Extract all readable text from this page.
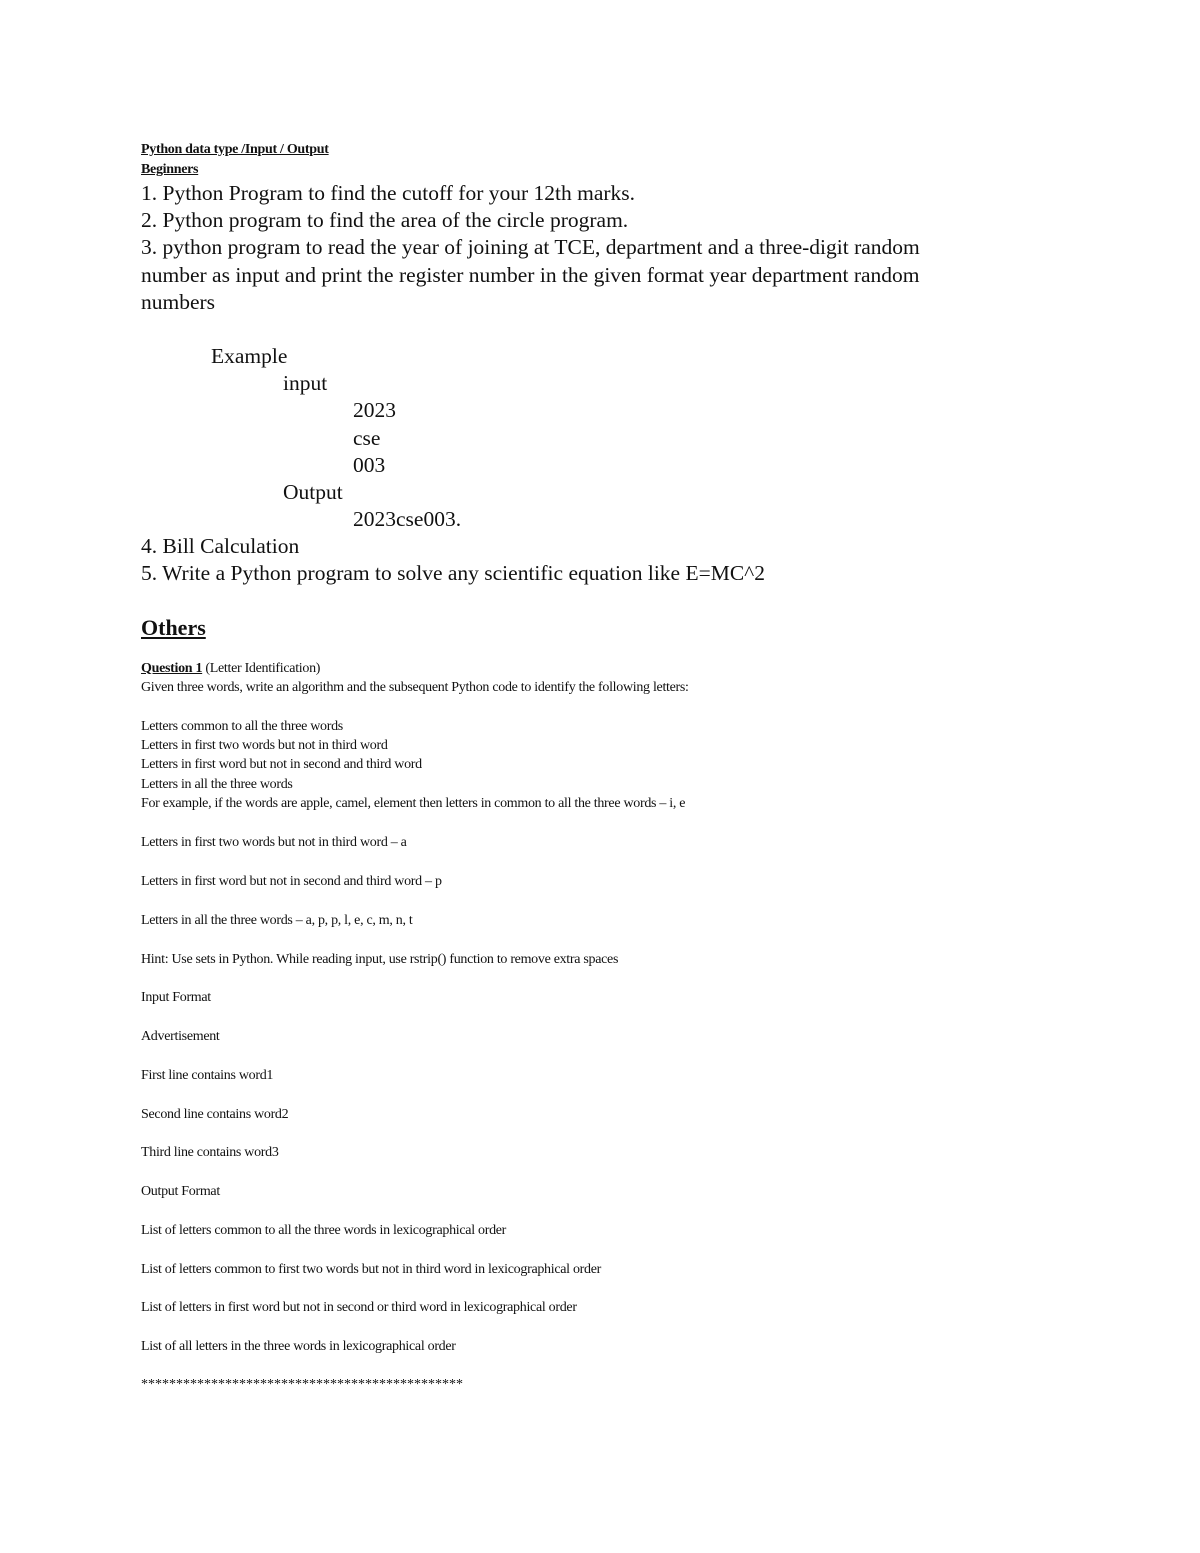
Python data type /Input / Output

Beginners

1. Python Program to find the cutoff for your 12th marks.

2. Python program to find the area of the circle program.

3. python program to read the year of joining at TCE, department and a three-digit random

number as input and print the register number in the given format year department random

numbers

Example

input

2023

cse

003

Output

2023cse003.

4. Bill Calculation

5. Write a Python program to solve any scientific equation like E=MC^2

Others

Question 1 (Letter Identification)

Given three words, write an algorithm and the subsequent Python code to identify the following letters:

Letters common to all the three words

Letters in first two words but not in third word

Letters in first word but not in second and third word

Letters in all the three words

For example, if the words are apple, camel, element then letters in common to all the three words – i, e

Letters in first two words but not in third word – a

Letters in first word but not in second and third word – p

Letters in all the three words – a, p, p, l, e, c, m, n, t

Hint: Use sets in Python. While reading input, use rstrip() function to remove extra spaces

Input Format

Advertisement

First line contains word1

Second line contains word2

Third line contains word3

Output Format

List of letters common to all the three words in lexicographical order

List of letters common to first two words but not in third word in lexicographical order

List of letters in first word but not in second or third word in lexicographical order

List of all letters in the three words in lexicographical order

**********************************************
